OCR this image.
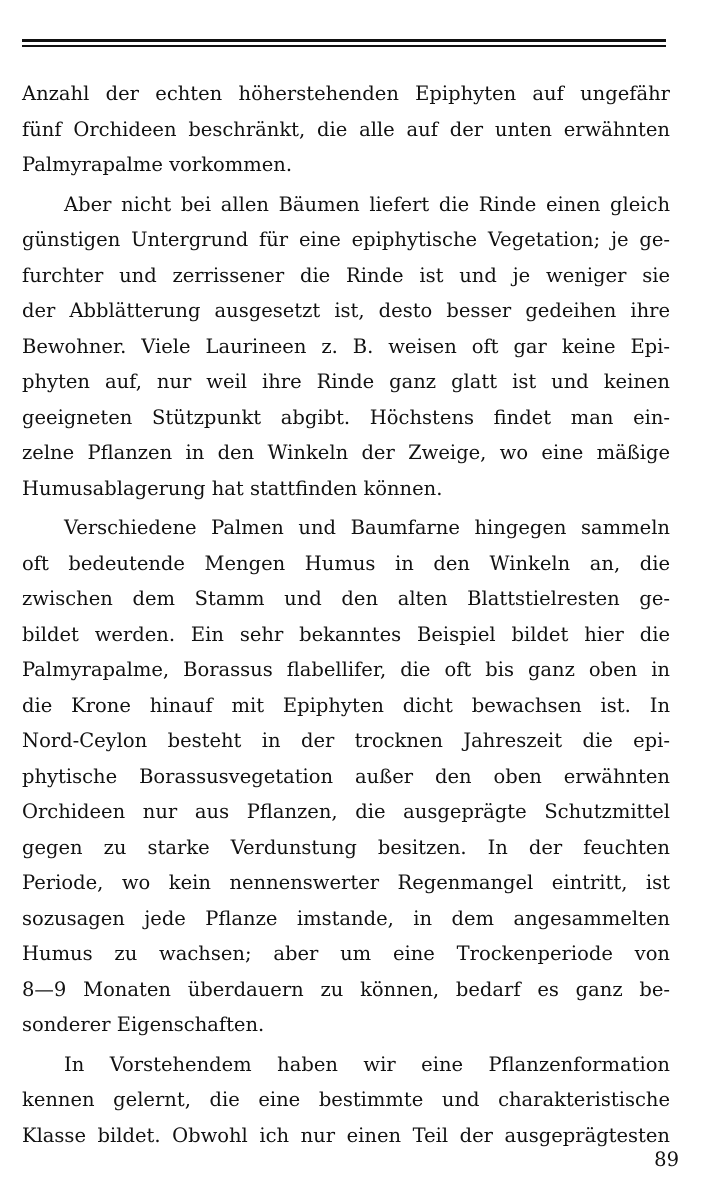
Anzahl der echten höherstehenden Epiphyten auf ungefähr
fünf Orchideen beschränkt, die alle auf der unten erwähnten
Palmyrapalme vorkommen.
Aber nicht bei allen Bäumen liefert die Rinde einen gleich
günstigen Untergrund für eine epiphytische Vegetation; je ge-
furchter und zerrissener die Rinde ist und je weniger sie
der Abblätterung ausgesetzt ist, desto besser gedeihen ihre
Bewohner. Viele Laurineen z. B. weisen oft gar keine Epi-
phyten auf, nur weil ihre Rinde ganz glatt ist und keinen
geeigneten Stützpunkt abgibt. Höchstens findet man ein-
zelne Pflanzen in den Winkeln der Zweige, wo eine mäßige
Humusablagerung hat stattfinden können.
Verschiedene Palmen und Baumfarne hingegen sammeln
oft bedeutende Mengen Humus in den Winkeln an, die
zwischen dem Stamm und den alten Blattstielresten ge-
bildet werden. Ein sehr bekanntes Beispiel bildet hier die
Palmyrapalme, Borassus flabellifer, die oft bis ganz oben in
die Krone hinauf mit Epiphyten dicht bewachsen ist. In
Nord-Ceylon besteht in der trocknen Jahreszeit die epi-
phytische Borassusvegetation außer den oben erwähnten
Orchideen nur aus Pflanzen, die ausgeprägte Schutzmittel
gegen zu starke Verdunstung besitzen. In der feuchten
Periode, wo kein nennenswerter Regenmangel eintritt, ist
sozusagen jede Pflanze imstande, in dem angesammelten
Humus zu wachsen; aber um eine Trockenperiode von
8—9 Monaten überdauern zu können, bedarf es ganz be-
sonderer Eigenschaften.
In Vorstehendem haben wir eine Pflanzenformation
kennen gelernt, die eine bestimmte und charakteristische
Klasse bildet. Obwohl ich nur einen Teil der ausgeprägtesten
89
